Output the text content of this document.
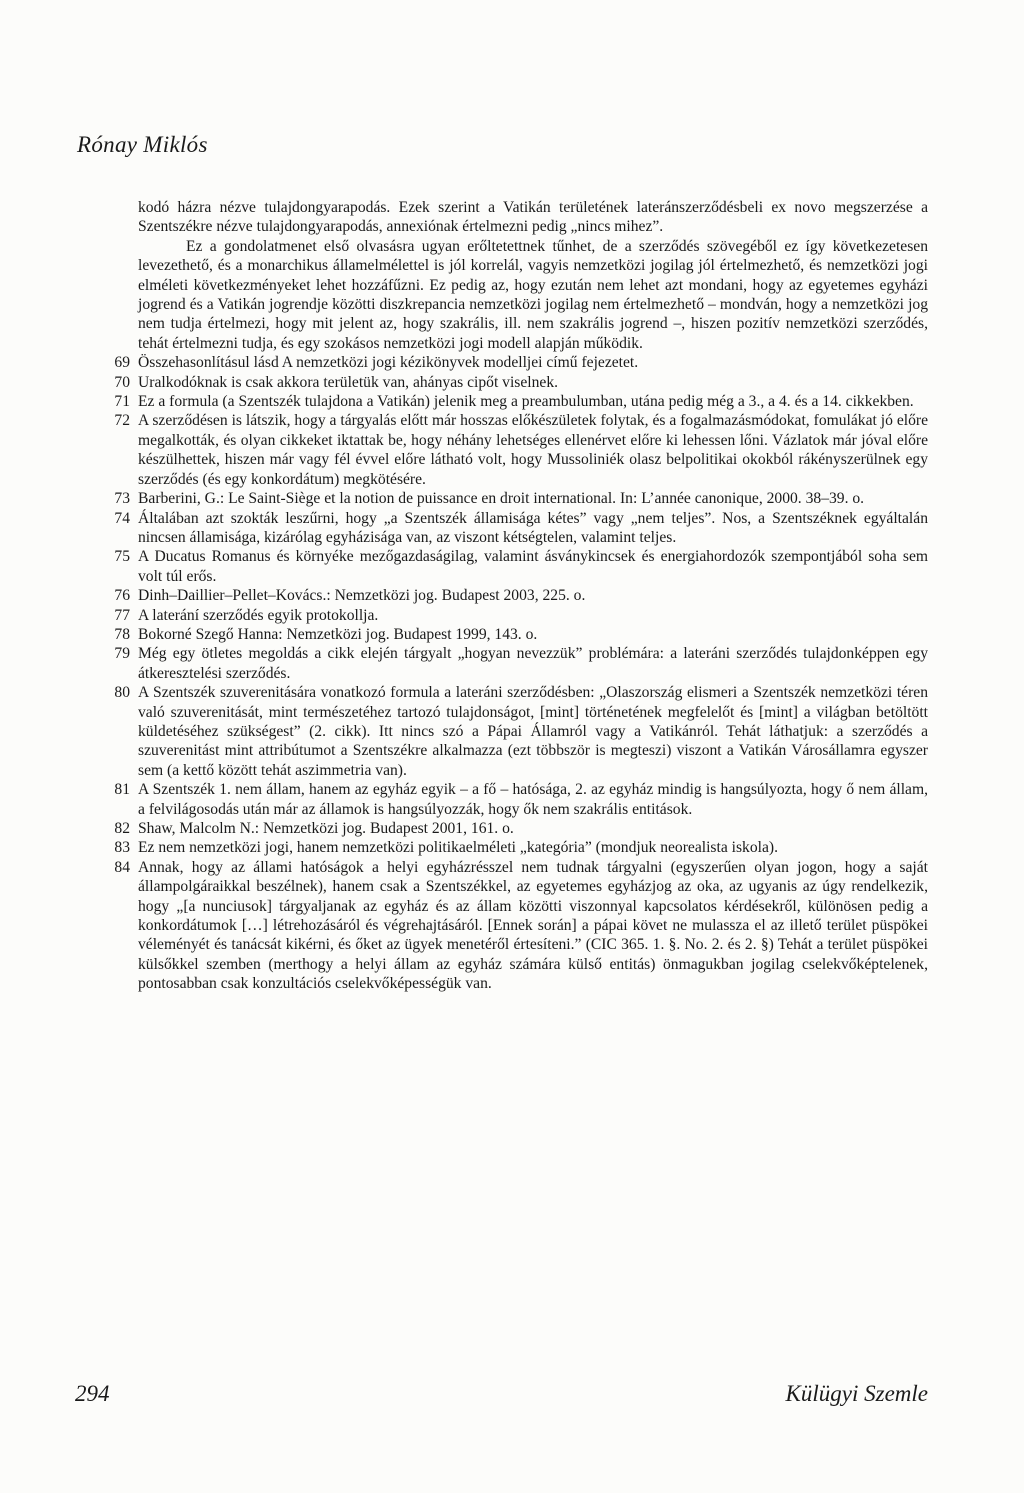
Rónay Miklós

kodó házra nézve tulajdongyarapodás. Ezek szerint a Vatikán területének lateránszerződésbeli ex novo megszerzése a Szentszékre nézve tulajdongyarapodás, annexiónak értelmezni pedig „nincs mihez”.

Ez a gondolatmenet első olvasásra ugyan erőltetettnek tűnhet, de a szerződés szövegéből ez így következetesen levezethető, és a monarchikus államelmélettel is jól korrelál, vagyis nemzetközi jogilag jól értelmezhető, és nemzetközi jogi elméleti következményeket lehet hozzáfűzni. Ez pedig az, hogy ezután nem lehet azt mondani, hogy az egyetemes egyházi jogrend és a Vatikán jogrendje közötti diszkrepancia nemzetközi jogilag nem értelmezhető – mondván, hogy a nemzetközi jog nem tudja értelmezi, hogy mit jelent az, hogy szakrális, ill. nem szakrális jogrend –, hiszen pozitív nemzetközi szerződés, tehát értelmezni tudja, és egy szokásos nemzetközi jogi modell alapján működik.

69 Összehasonlításul lásd A nemzetközi jogi kézikönyvek modelljei című fejezetet.
70 Uralkodóknak is csak akkora területük van, ahányas cipőt viselnek.
71 Ez a formula (a Szentszék tulajdona a Vatikán) jelenik meg a preambulumban, utána pedig még a 3., a 4. és a 14. cikkekben.
72 A szerződésen is látszik, hogy a tárgyalás előtt már hosszas előkészületek folytak, és a fogalmazásmódokat, fomulákat jó előre megalkották, és olyan cikkeket iktattak be, hogy néhány lehetséges ellenérvet előre ki lehessen lőni. Vázlatok már jóval előre készülhettek, hiszen már vagy fél évvel előre látható volt, hogy Mussoliniék olasz belpolitikai okokból rákényszerülnek egy szerződés (és egy konkordátum) megkötésére.
73 Barberini, G.: Le Saint-Siège et la notion de puissance en droit international. In: L’année canonique, 2000. 38–39. o.
74 Általában azt szokták leszűrni, hogy „a Szentszék államisága kétes” vagy „nem teljes”. Nos, a Szentszéknek egyáltalán nincsen államisága, kizárólag egyházisága van, az viszont kétségtelen, valamint teljes.
75 A Ducatus Romanus és környéke mezőgazdaságilag, valamint ásványkincsek és energiahordozók szempontjából soha sem volt túl erős.
76 Dinh–Daillier–Pellet–Kovács.: Nemzetközi jog. Budapest 2003, 225. o.
77 A laterání szerződés egyik protokollja.
78 Bokorné Szegő Hanna: Nemzetközi jog. Budapest 1999, 143. o.
79 Még egy ötletes megoldás a cikk elején tárgyalt „hogyan nevezzük” problémára: a lateráni szerződés tulajdonképpen egy átkeresztelési szerződés.
80 A Szentszék szuverenitására vonatkozó formula a lateráni szerződésben: „Olaszország elismeri a Szentszék nemzetközi téren való szuverenitását, mint természetéhez tartozó tulajdonságot, [mint] történetének megfelelőt és [mint] a világban betöltött küldetéséhez szükségest” (2. cikk). Itt nincs szó a Pápai Államról vagy a Vatikánról. Tehát láthatjuk: a szerződés a szuverenitást mint attribútumot a Szentszékre alkalmazza (ezt többször is megteszi) viszont a Vatikán Városállamra egyszer sem (a kettő között tehát aszimmetria van).
81 A Szentszék 1. nem állam, hanem az egyház egyik – a fő – hatósága, 2. az egyház mindig is hangsúlyozta, hogy ő nem állam, a felvilágosodás után már az államok is hangsúlyozzák, hogy ők nem szakrális entitások.
82 Shaw, Malcolm N.: Nemzetközi jog. Budapest 2001, 161. o.
83 Ez nem nemzetközi jogi, hanem nemzetközi politikaelméleti „kategória” (mondjuk neorealista iskola).
84 Annak, hogy az állami hatóságok a helyi egyházrésszel nem tudnak tárgyalni (egyszerűen olyan jogon, hogy a saját állampolgáraikkal beszélnek), hanem csak a Szentszékkel, az egyetemes egyházjog az oka, az ugyanis az úgy rendelkezik, hogy „[a nunciusok] tárgyaljanak az egyház és az állam közötti viszonnyal kapcsolatos kérdésekről, különösen pedig a konkordátumok […] létrehozásáról és végrehajtásáról. [Ennek során] a pápai követ ne mulassza el az illető terület püspökei véleményét és tanácsát kikérni, és őket az ügyek menetéről értesíteni.” (CIC 365. 1. §. No. 2. és 2. §) Tehát a terület püspökei külsőkkel szemben (merthogy a helyi állam az egyház számára külső entitás) önmagukban jogilag cselekvőképtelenek, pontosabban csak konzultációs cselekvőképességük van.
294	Külügyi Szemle
